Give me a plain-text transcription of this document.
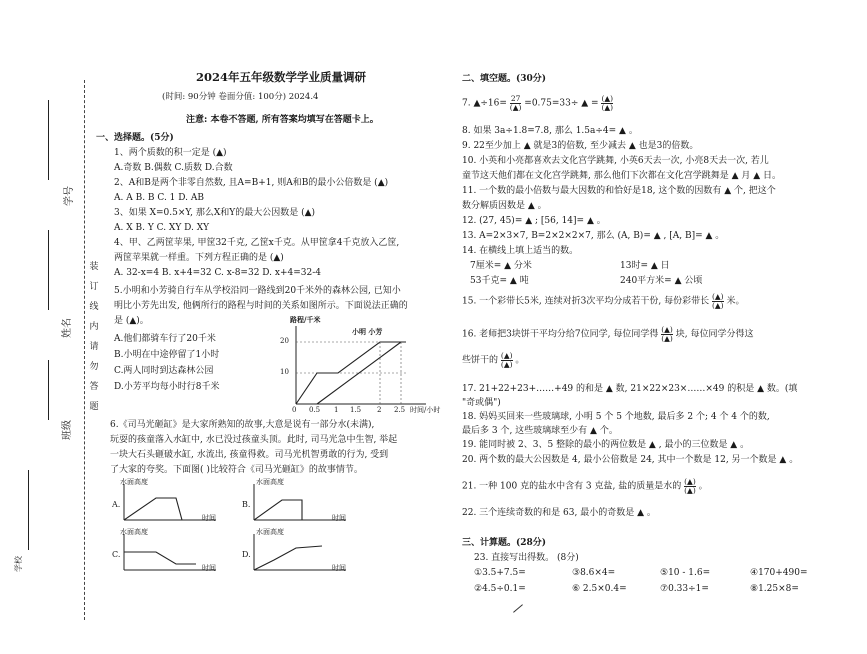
学号
姓名
班级
学校
装
订
线
内
请
勿
答
题
2024年五年级数学学业质量调研
(时间: 90分钟 卷面分值: 100分) 2024.4
注意: 本卷不答题, 所有答案均填写在答题卡上。
一、选择题。(5分)
1、两个质数的积一定是 (▲)
A.奇数 B.偶数 C.质数 D.合数
2、A和B是两个非零自然数, 且A=B+1, 则A和B的最小公倍数是 (▲)
A. A B. B C. 1 D. AB
3、如果 X=0.5×Y, 那么X和Y的最大公因数是 (▲)
A. X B. Y C. XY D. XY
4、甲、乙两筐苹果, 甲筐32千克, 乙筐x千克。从甲筐拿4千克放入乙筐,
两筐苹果就一样重。下列方程正确的是 (▲)
A. 32-x=4 B. x+4=32 C. x-8=32 D. x+4=32-4
5.小明和小芳骑自行车从学校沿同一路线到20千米外的森林公园, 已知小
明比小芳先出发, 他俩所行的路程与时间的关系如图所示。下面说法正确的
是 (▲)。
A.他们都骑车行了20千米
B.小明在中途停留了1小时
C.两人同时到达森林公园
D.小芳平均每小时行8千米
路程/千米
小明 小芳
20
10
0 0.5 1 1.5 2 2.5 时间/小时
6.《司马光砸缸》是大家所熟知的故事,大意是说有一部分水(未满),
玩耍的孩童落入水缸中, 水已没过孩童头顶。此时, 司马光急中生智, 举起
一块大石头砸破水缸, 水流出, 孩童得救。司马光机智勇敢的行为, 受到
了大家的夸奖。下面图( )比较符合《司马光砸缸》的故事情节。
水面高度
时间
A.
水面高度
时间
B.
水面高度
时间
C.
水面高度
时间
D.
二、填空题。(30分)
7. ▲÷16= $\frac{27}{(▲)} =0.75=33\div$ ▲ = $\frac{(▲)}{(▲)}$
8. 如果 3a÷1.8=7.8, 那么 1.5a÷4= ▲ 。
9. 22至少加上 ▲ 就是3的倍数, 至少减去 ▲ 也是3的倍数。
10. 小英和小亮都喜欢去文化宫学跳舞, 小英6天去一次, 小亮8天去一次, 若儿
童节这天他们都在文化宫学跳舞, 那么他们下次都在文化宫学跳舞是 ▲ 月 ▲ 日。
11. 一个数的最小倍数与最大因数的和恰好是18, 这个数的因数有 ▲ 个, 把这个
数分解质因数是 ▲ 。
12. (27, 45)= ▲ ; [56, 14]= ▲ 。
13. A=2×3×7, B=2×2×2×7, 那么 (A, B)= ▲ , [A, B]= ▲ 。
14. 在横线上填上适当的数。
7厘米= ▲ 分米	13时= ▲ 日
53千克= ▲ 吨	240平方米= ▲ 公顷
15. 一个彩带长5米, 连续对折3次平均分成若干份, 每份彩带长 $\frac{(▲)}{(▲)}$ 米。
16. 老师把3块饼干平均分给7位同学, 每位同学得 $\frac{(▲)}{(▲)}$ 块, 每位同学分得这
些饼干的 $\frac{(▲)}{(▲)}$ 。
17. 21+22+23+……+49 的和是 ▲ 数, 21×22×23×……×49 的积是 ▲ 数。(填
"奇或偶")
18. 妈妈买回来一些玻璃球, 小明 5 个 5 个地数, 最后多 2 个; 4 个 4 个的数,
最后多 3 个, 这些玻璃球至少有 ▲ 个。
19. 能同时被 2、3、5 整除的最小的两位数是 ▲ , 最小的三位数是 ▲ 。
20. 两个数的最大公因数是 4, 最小公倍数是 24, 其中一个数是 12, 另一个数是 ▲ 。
21. 一种 100 克的盐水中含有 3 克盐, 盐的质量是水的 $\frac{(▲)}{(▲)}$ 。
22. 三个连续奇数的和是 63, 最小的奇数是 ▲ 。
三、计算题。(28分)
23. 直接写出得数。 (8分)
①3.5+7.5=	③8.6×4=	⑤10 - 1.6=	④170+490=
②4.5÷0.1=	⑥ 2.5×0.4=	⑦0.33÷1=	⑧1.25×8=
